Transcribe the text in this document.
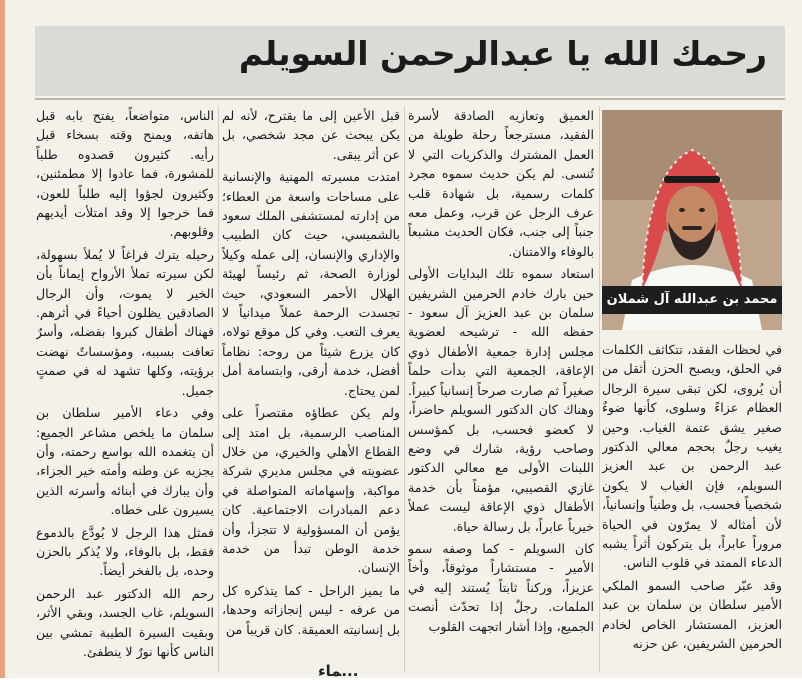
رحمك الله يا عبدالرحمن السويلم
محمد بن عبدالله آل شملان

في لحظات الفقد، تتكاثف الكلمات في الحلق، ويصبح الحزن أثقل من أن يُروى، لكن تبقى سيرة الرجال العظام عزاءً وسلوى، كأنها ضوءٌ صغير يشق عتمة الغياب. وحين يغيب رجلٌ بحجم معالي الدكتور عبد الرحمن بن عبد العزيز السويلم، فإن الغياب لا يكون شخصياً فحسب، بل وطنياً وإنسانياً، لأن أمثاله لا يمرّون في الحياة مروراً عابراً، بل يتركون أثراً يشبه الدعاء الممتد في قلوب الناس.

وقد عبّر صاحب السمو الملكي الأمير سلطان بن سلمان بن عبد العزيز، المستشار الخاص لخادم الحرمين الشريفين، عن حزنه

العميق وتعازيه الصادقة لأسرة الفقيد، مسترجعاً رحلة طويلة من العمل المشترك والذكريات التي لا تُنسى. لم يكن حديث سموه مجرد كلمات رسمية، بل شهادة قلب عرف الرجل عن قرب، وعمل معه جنباً إلى جنب، فكان الحديث مشبعاً بالوفاء والامتنان.

استعاد سموه تلك البدايات الأولى حين بارك خادم الحرمين الشريفين سلمان بن عبد العزيز آل سعود - حفظه الله - ترشيحه لعضوية مجلس إدارة جمعية الأطفال ذوي الإعاقة، الجمعية التي بدأت حلماً صغيراً ثم صارت صرحاً إنسانياً كبيراً. وهناك كان الدكتور السويلم حاضراً، لا كعضو فحسب، بل كمؤسس وصاحب رؤية، شارك في وضع اللبنات الأولى مع معالي الدكتور غازي القصيبي، مؤمناً بأن خدمة الأطفال ذوي الإعاقة ليست عملاً خيرياً عابراً، بل رسالة حياة.

كان السويلم - كما وصفه سمو الأمير - مستشاراً موثوقاً، وأخاً عزيزاً، وركناً ثابتاً يُستند إليه في الملمات. رجلٌ إذا تحدّث أنصت الجميع، وإذا أشار اتجهت القلوب

قبل الأعين إلى ما يقترح، لأنه لم يكن يبحث عن مجد شخصي، بل عن أثر يبقى.

امتدت مسيرته المهنية والإنسانية على مساحات واسعة من العطاء؛ من إدارته لمستشفى الملك سعود بالشميسي، حيث كان الطبيب والإداري والإنسان، إلى عمله وكيلاً لوزارة الصحة، ثم رئيساً لهيئة الهلال الأحمر السعودي، حيث تجسدت الرحمة عملاً ميدانياً لا يعرف التعب. وفي كل موقع تولاه، كان يزرع شيئاً من روحه: نظاماً أفضل، خدمة أرقى، وابتسامة أمل لمن يحتاج.

ولم يكن عطاؤه مقتصراً على المناصب الرسمية، بل امتد إلى القطاع الأهلي والخيري، من خلال عضويته في مجلس مديري شركة مواكبة، وإسهاماته المتواصلة في دعم المبادرات الاجتماعية. كان يؤمن أن المسؤولية لا تتجزأ، وأن خدمة الوطن تبدأ من خدمة الإنسان.

ما يميز الراحل - كما يتذكره كل من عرفه - ليس إنجازاته وحدها، بل إنسانيته العميقة. كان قريباً من

الناس، متواضعاً، يفتح بابه قبل هاتفه، ويمنح وقته بسخاء قبل رأيه. كثيرون قصدوه طلباً للمشورة، فما عادوا إلا مطمئنين، وكثيرون لجؤوا إليه طلباً للعون، فما خرجوا إلا وقد امتلأت أيديهم وقلوبهم.

رحيله يترك فراغاً لا يُملأ بسهولة، لكن سيرته تملأ الأرواح إيماناً بأن الخير لا يموت، وأن الرجال الصادقين يظلون أحياءً في أثرهم. فهناك أطفال كبروا بفضله، وأسرٌ تعافت بسببه، ومؤسساتٌ نهضت برؤيته، وكلها تشهد له في صمتٍ جميل.

وفي دعاء الأمير سلطان بن سلمان ما يلخص مشاعر الجميع: أن يتغمده الله بواسع رحمته، وأن يجزيه عن وطنه وأمته خير الجزاء، وأن يبارك في أبنائه وأسرته الذين يسيرون على خطاه.

فمثل هذا الرجل لا يُودَّع بالدموع فقط، بل بالوفاء، ولا يُذكر بالحزن وحده، بل بالفخر أيضاً.

رحم الله الدكتور عبد الرحمن السويلم، غاب الجسد، وبقي الأثر، وبقيت السيرة الطيبة تمشي بين الناس كأنها نورٌ لا ينطفئ.

...ﻤﺎﺀ
